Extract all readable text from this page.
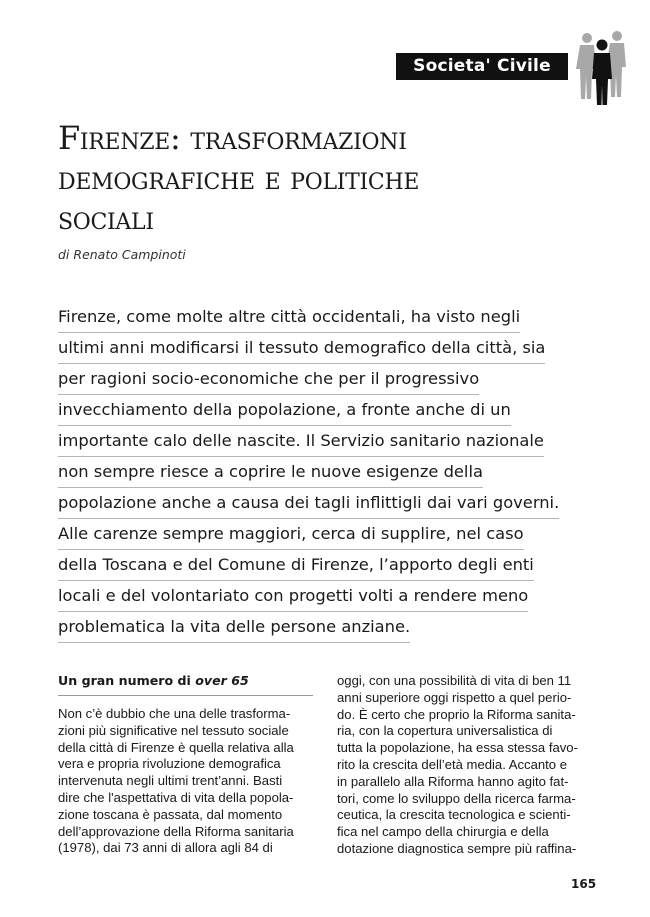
Societa' Civile
Firenze: trasformazioni
demografiche e politiche
sociali
di Renato Campinoti
Firenze, come molte altre città occidentali, ha visto negli
ultimi anni modificarsi il tessuto demografico della città, sia
per ragioni socio-economiche che per il progressivo
invecchiamento della popolazione, a fronte anche di un
importante calo delle nascite. Il Servizio sanitario nazionale
non sempre riesce a coprire le nuove esigenze della
popolazione anche a causa dei tagli inflittigli dai vari governi.
Alle carenze sempre maggiori, cerca di supplire, nel caso
della Toscana e del Comune di Firenze, l’apporto degli enti
locali e del volontariato con progetti volti a rendere meno
problematica la vita delle persone anziane.
Un gran numero di over 65
Non c’è dubbio che una delle trasforma-
zioni più significative nel tessuto sociale
della città di Firenze è quella relativa alla
vera e propria rivoluzione demografica
intervenuta negli ultimi trent’anni. Basti
dire che l'aspettativa di vita della popola-
zione toscana è passata, dal momento
dell’approvazione della Riforma sanitaria
(1978), dai 73 anni di allora agli 84 di
oggi, con una possibilità di vita di ben 11
anni superiore oggi rispetto a quel perio-
do. È certo che proprio la Riforma sanita-
ria, con la copertura universalistica di
tutta la popolazione, ha essa stessa favo-
rito la crescita dell’età media. Accanto e
in parallelo alla Riforma hanno agito fat-
tori, come lo sviluppo della ricerca farma-
ceutica, la crescita tecnologica e scienti-
fica nel campo della chirurgia e della
dotazione diagnostica sempre più raffina-
165
